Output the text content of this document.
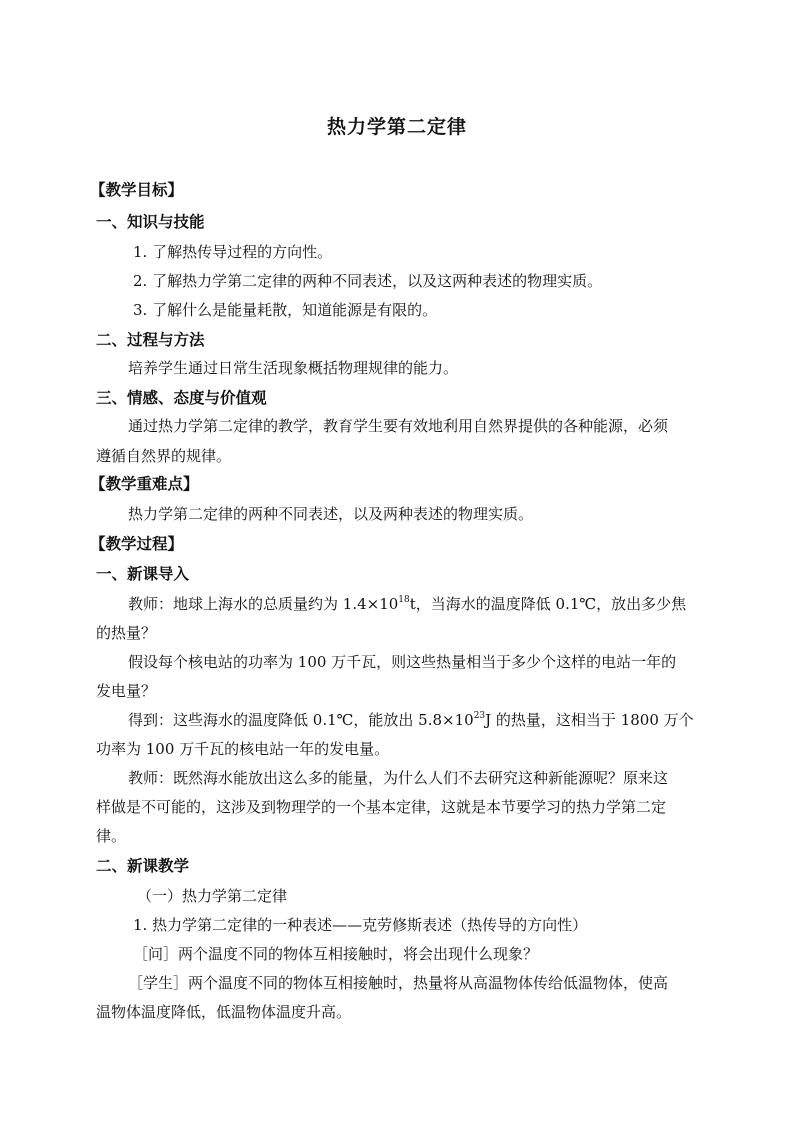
热力学第二定律
【教学目标】
一、知识与技能
1. 了解热传导过程的方向性。
2. 了解热力学第二定律的两种不同表述，以及这两种表述的物理实质。
3. 了解什么是能量耗散，知道能源是有限的。
二、过程与方法
培养学生通过日常生活现象概括物理规律的能力。
三、情感、态度与价值观
通过热力学第二定律的教学，教育学生要有效地利用自然界提供的各种能源，必须
遵循自然界的规律。
【教学重难点】
热力学第二定律的两种不同表述，以及两种表述的物理实质。
【教学过程】
一、新课导入
教师：地球上海水的总质量约为 $1.4\times 10^{18}t$，当海水的温度降低 0.1℃，放出多少焦
的热量？
假设每个核电站的功率为 100 万千瓦，则这些热量相当于多少个这样的电站一年的
发电量？
得到：这些海水的温度降低 0.1℃，能放出 $5.8\times 10^{23}J$ 的热量，这相当于 1800 万个
功率为 100 万千瓦的核电站一年的发电量。
教师：既然海水能放出这么多的能量，为什么人们不去研究这种新能源呢？原来这
样做是不可能的，这涉及到物理学的一个基本定律，这就是本节要学习的热力学第二定
律。
二、新课教学
（一）热力学第二定律
1. 热力学第二定律的一种表述——克劳修斯表述（热传导的方向性）
［问］两个温度不同的物体互相接触时，将会出现什么现象？
［学生］两个温度不同的物体互相接触时，热量将从高温物体传给低温物体，使高
温物体温度降低，低温物体温度升高。
